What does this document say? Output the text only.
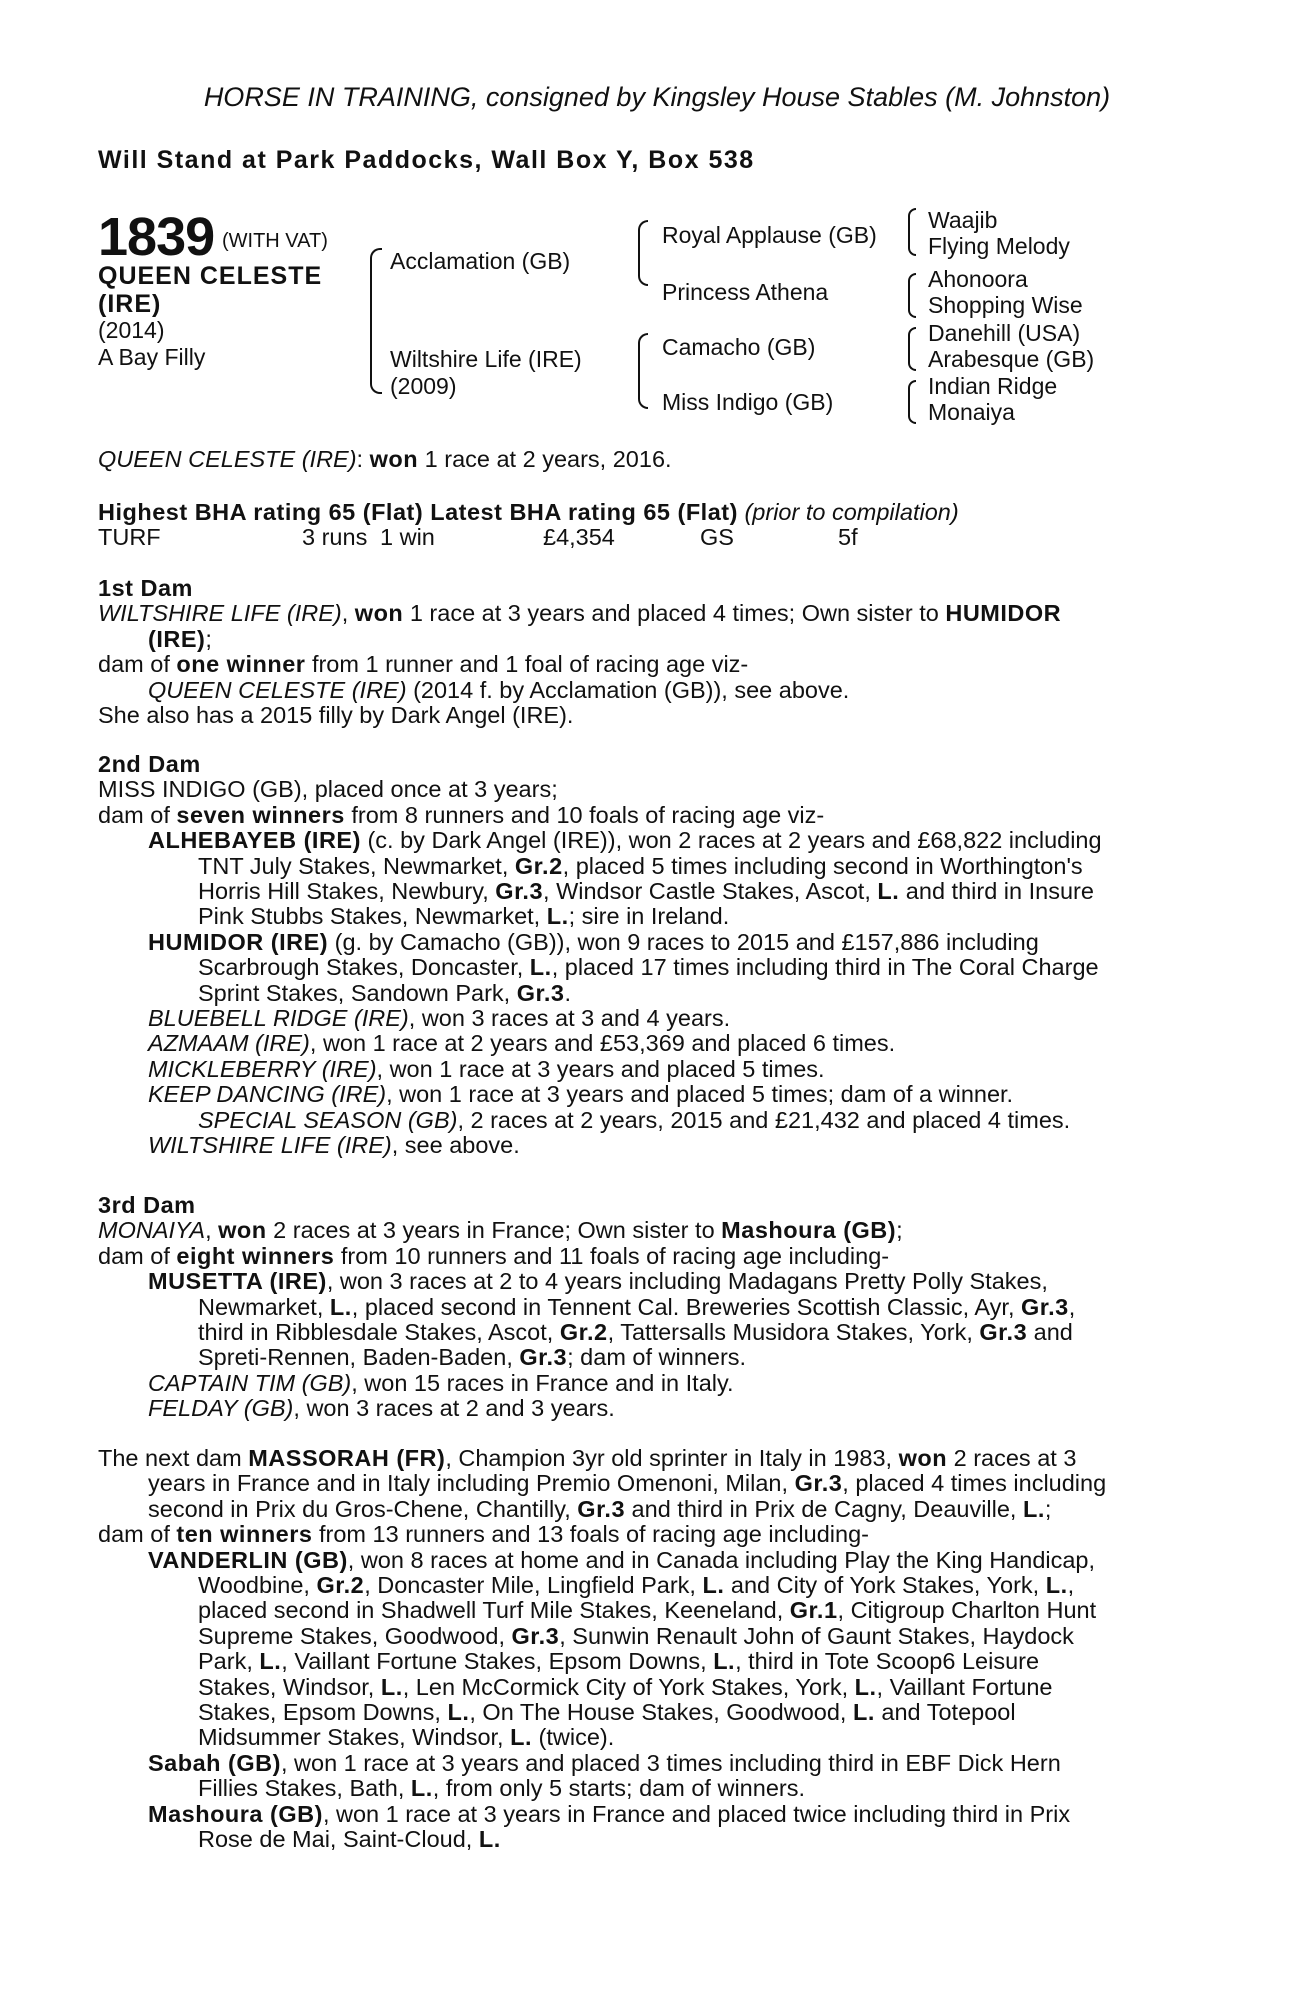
HORSE IN TRAINING, consigned by Kingsley House Stables (M. Johnston)
Will Stand at Park Paddocks, Wall Box Y, Box 538
1839 (WITH VAT)
QUEEN CELESTE
(IRE)
(2014)
A Bay Filly
Acclamation (GB)
Wiltshire Life (IRE)
(2009)
Royal Applause (GB)
Princess Athena
Camacho (GB)
Miss Indigo (GB)
Waajib
Flying Melody
Ahonoora
Shopping Wise
Danehill (USA)
Arabesque (GB)
Indian Ridge
Monaiya
QUEEN CELESTE (IRE): won 1 race at 2 years, 2016.
Highest BHA rating 65 (Flat) Latest BHA rating 65 (Flat) (prior to compilation)
TURF	3 runs 1 win	£4,354	GS	5f
1st Dam
WILTSHIRE LIFE (IRE), won 1 race at 3 years and placed 4 times; Own sister to HUMIDOR
(IRE);
dam of one winner from 1 runner and 1 foal of racing age viz-
QUEEN CELESTE (IRE) (2014 f. by Acclamation (GB)), see above.
She also has a 2015 filly by Dark Angel (IRE).
2nd Dam
MISS INDIGO (GB), placed once at 3 years;
dam of seven winners from 8 runners and 10 foals of racing age viz-
ALHEBAYEB (IRE) (c. by Dark Angel (IRE)), won 2 races at 2 years and £68,822 including
TNT July Stakes, Newmarket, Gr.2, placed 5 times including second in Worthington's
Horris Hill Stakes, Newbury, Gr.3, Windsor Castle Stakes, Ascot, L. and third in Insure
Pink Stubbs Stakes, Newmarket, L.; sire in Ireland.
HUMIDOR (IRE) (g. by Camacho (GB)), won 9 races to 2015 and £157,886 including
Scarbrough Stakes, Doncaster, L., placed 17 times including third in The Coral Charge
Sprint Stakes, Sandown Park, Gr.3.
BLUEBELL RIDGE (IRE), won 3 races at 3 and 4 years.
AZMAAM (IRE), won 1 race at 2 years and £53,369 and placed 6 times.
MICKLEBERRY (IRE), won 1 race at 3 years and placed 5 times.
KEEP DANCING (IRE), won 1 race at 3 years and placed 5 times; dam of a winner.
SPECIAL SEASON (GB), 2 races at 2 years, 2015 and £21,432 and placed 4 times.
WILTSHIRE LIFE (IRE), see above.
3rd Dam
MONAIYA, won 2 races at 3 years in France; Own sister to Mashoura (GB);
dam of eight winners from 10 runners and 11 foals of racing age including-
MUSETTA (IRE), won 3 races at 2 to 4 years including Madagans Pretty Polly Stakes,
Newmarket, L., placed second in Tennent Cal. Breweries Scottish Classic, Ayr, Gr.3,
third in Ribblesdale Stakes, Ascot, Gr.2, Tattersalls Musidora Stakes, York, Gr.3 and
Spreti-Rennen, Baden-Baden, Gr.3; dam of winners.
CAPTAIN TIM (GB), won 15 races in France and in Italy.
FELDAY (GB), won 3 races at 2 and 3 years.
The next dam MASSORAH (FR), Champion 3yr old sprinter in Italy in 1983, won 2 races at 3
years in France and in Italy including Premio Omenoni, Milan, Gr.3, placed 4 times including
second in Prix du Gros-Chene, Chantilly, Gr.3 and third in Prix de Cagny, Deauville, L.;
dam of ten winners from 13 runners and 13 foals of racing age including-
VANDERLIN (GB), won 8 races at home and in Canada including Play the King Handicap,
Woodbine, Gr.2, Doncaster Mile, Lingfield Park, L. and City of York Stakes, York, L.,
placed second in Shadwell Turf Mile Stakes, Keeneland, Gr.1, Citigroup Charlton Hunt
Supreme Stakes, Goodwood, Gr.3, Sunwin Renault John of Gaunt Stakes, Haydock
Park, L., Vaillant Fortune Stakes, Epsom Downs, L., third in Tote Scoop6 Leisure
Stakes, Windsor, L., Len McCormick City of York Stakes, York, L., Vaillant Fortune
Stakes, Epsom Downs, L., On The House Stakes, Goodwood, L. and Totepool
Midsummer Stakes, Windsor, L. (twice).
Sabah (GB), won 1 race at 3 years and placed 3 times including third in EBF Dick Hern
Fillies Stakes, Bath, L., from only 5 starts; dam of winners.
Mashoura (GB), won 1 race at 3 years in France and placed twice including third in Prix
Rose de Mai, Saint-Cloud, L.
